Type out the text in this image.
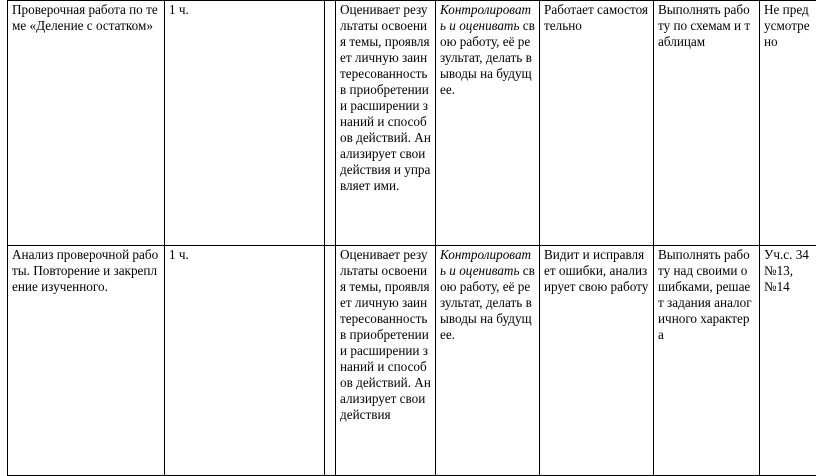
Проверочная работа по теме «Деление с остатком»	1 ч.		Оценивает результаты освоения темы, проявляет личную заинтересованность в приобретении и расширении знаний и способов действий. Анализирует свои действия и управляет ими.	Контролировать и оценивать свою работу, её результат, делать выводы на будущее.	Работает самостоятельно	Выполнять работу по схемам и таблицам	Не предусмотрено
Анализ проверочной работы. Повторение и закрепление изученного.	1 ч.		Оценивает результаты освоения темы, проявляет личную заинтересованность в приобретении и расширении знаний и способов действий. Анализирует свои действия	Контролировать и оценивать свою работу, её результат, делать выводы на будущее.	Видит и исправляет ошибки, анализирует свою работу	Выполнять работу над своими ошибками, решает задания аналогичного характера	Уч.с. 34 №13, №14
